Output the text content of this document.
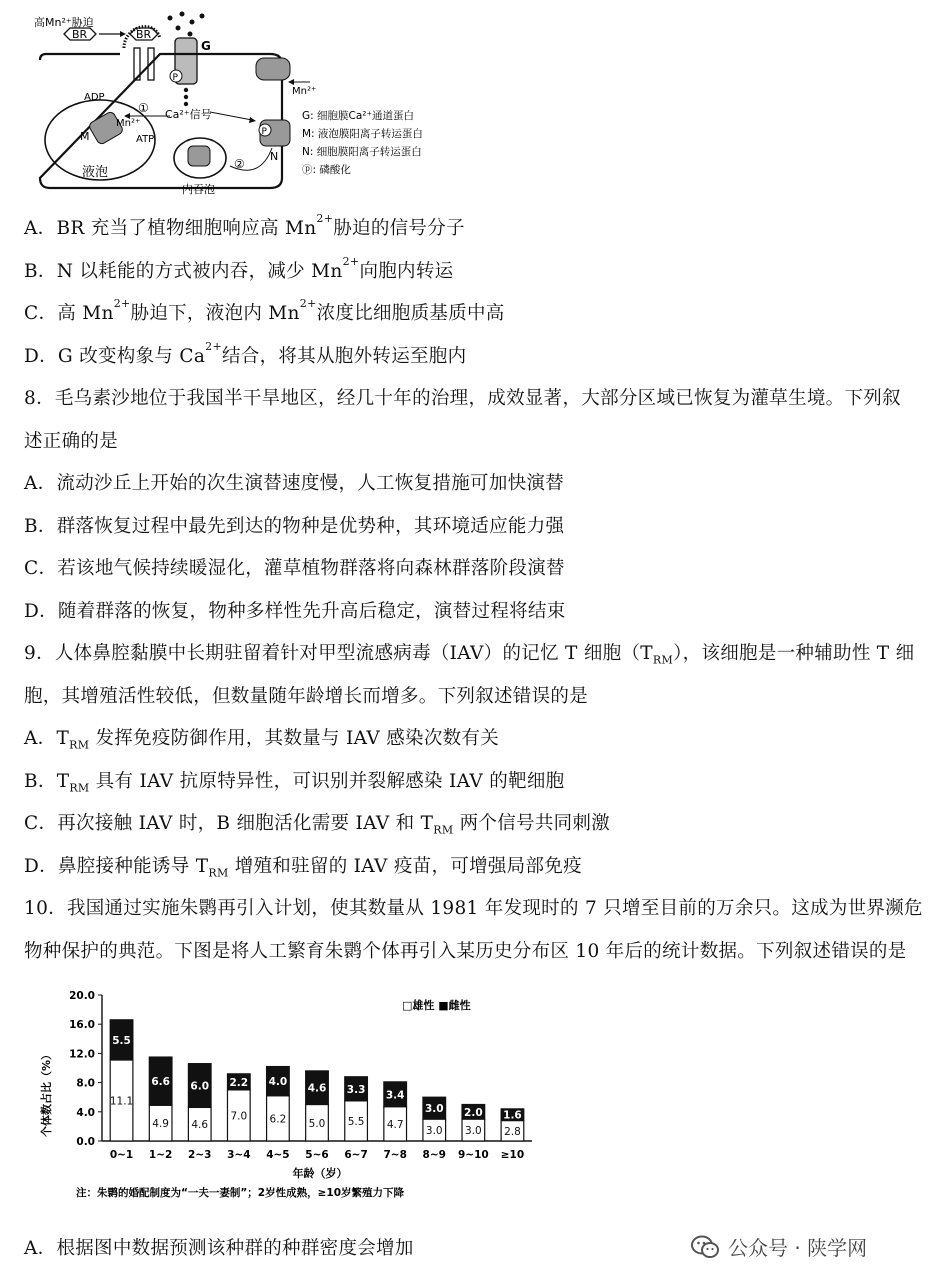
高Mn²⁺胁迫
BR	BR
G
P
Ca²⁺信号
Mn²⁺
P
N
液泡
M
ADP
Mn²⁺
ATP
①
内吞泡
②
G: 细胞膜Ca²⁺通道蛋白
M: 液泡膜阳离子转运蛋白
N: 细胞膜阳离子转运蛋白
ⓟ: 磷酸化
A．BR 充当了植物细胞响应高 $Mn^{2+}$胁迫的信号分子
B．N 以耗能的方式被内吞，减少 $Mn^{2+}$向胞内转运
C．高 $Mn^{2+}$胁迫下，液泡内 $Mn^{2+}$浓度比细胞质基质中高
D．G 改变构象与 $Ca^{2+}$结合，将其从胞外转运至胞内
8．毛乌素沙地位于我国半干旱地区，经几十年的治理，成效显著，大部分区域已恢复为灌草生境。下列叙
述正确的是
A．流动沙丘上开始的次生演替速度慢，人工恢复措施可加快演替
B．群落恢复过程中最先到达的物种是优势种，其环境适应能力强
C．若该地气候持续暖湿化，灌草植物群落将向森林群落阶段演替
D．随着群落的恢复，物种多样性先升高后稳定，演替过程将结束
9．人体鼻腔黏膜中长期驻留着针对甲型流感病毒（IAV）的记忆 T 细胞$(T_{RM})$，该细胞是一种辅助性 T 细
胞，其增殖活性较低，但数量随年龄增长而增多。下列叙述错误的是
A．$T_{RM}$ 发挥免疫防御作用，其数量与 IAV 感染次数有关
B．$T_{RM}$ 具有 IAV 抗原特异性，可识别并裂解感染 IAV 的靶细胞
C．再次接触 IAV 时，B 细胞活化需要 IAV 和 $T_{RM}$ 两个信号共同刺激
D．鼻腔接种能诱导 $T_{RM}$ 增殖和驻留的 IAV 疫苗，可增强局部免疫
10．我国通过实施朱鹮再引入计划，使其数量从 1981 年发现时的 7 只增至目前的万余只。这成为世界濒危
物种保护的典范。下图是将人工繁育朱鹮个体再引入某历史分布区 10 年后的统计数据。下列叙述错误的是
□雄性 ■雌性
个体数占比（%）
年龄（岁）
注：朱鹮的婚配制度为“一夫一妻制”；2岁性成熟，≥10岁繁殖力下降
0.0
4.0
8.0
12.0
16.0
20.0
11.1
5.5
0~1
4.9
6.6
1~2
4.6
6.0
2~3
7.0
2.2
3~4
6.2
4.0
4~5
5.0
4.6
5~6
5.5
3.3
6~7
4.7
3.4
7~8
3.0
3.0
8~9
3.0
2.0
9~10
2.8
1.6
≥10
A．根据图中数据预测该种群的种群密度会增加	公众号 · 陕学网
